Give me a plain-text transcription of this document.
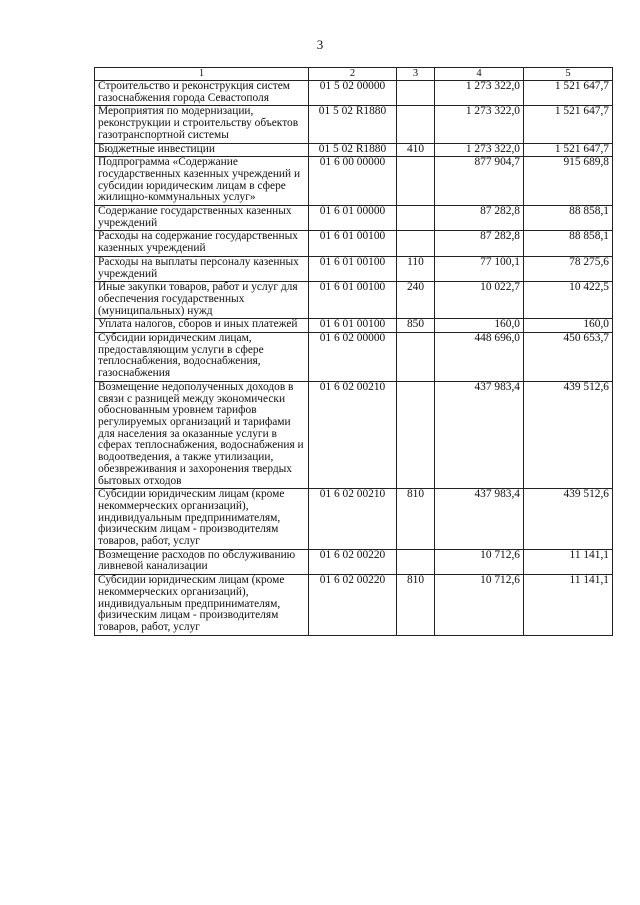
3
1	2	3	4	5
Строительство и реконструкция систем газоснабжения города Севастополя	01 5 02 00000		1 273 322,0	1 521 647,7
Мероприятия по модернизации, реконструкции и строительству объектов газотранспортной системы	01 5 02 R1880		1 273 322,0	1 521 647,7
Бюджетные инвестиции	01 5 02 R1880	410	1 273 322,0	1 521 647,7
Подпрограмма «Содержание государственных казенных учреждений и субсидии юридическим лицам в сфере жилищно-коммунальных услуг»	01 6 00 00000		877 904,7	915 689,8
Содержание государственных казенных учреждений	01 6 01 00000		87 282,8	88 858,1
Расходы на содержание государственных казенных учреждений	01 6 01 00100		87 282,8	88 858,1
Расходы на выплаты персоналу казенных учреждений	01 6 01 00100	110	77 100,1	78 275,6
Иные закупки товаров, работ и услуг для обеспечения государственных (муниципальных) нужд	01 6 01 00100	240	10 022,7	10 422,5
Уплата налогов, сборов и иных платежей	01 6 01 00100	850	160,0	160,0
Субсидии юридическим лицам, предоставляющим услуги в сфере теплоснабжения, водоснабжения, газоснабжения	01 6 02 00000		448 696,0	450 653,7
Возмещение недополученных доходов в связи с разницей между экономически обоснованным уровнем тарифов регулируемых организаций и тарифами для населения за оказанные услуги в сферах теплоснабжения, водоснабжения и водоотведения, а также утилизации, обезвреживания и захоронения твердых бытовых отходов	01 6 02 00210		437 983,4	439 512,6
Субсидии юридическим лицам (кроме некоммерческих организаций), индивидуальным предпринимателям, физическим лицам - производителям товаров, работ, услуг	01 6 02 00210	810	437 983,4	439 512,6
Возмещение расходов по обслуживанию ливневой канализации	01 6 02 00220		10 712,6	11 141,1
Субсидии юридическим лицам (кроме некоммерческих организаций), индивидуальным предпринимателям, физическим лицам - производителям товаров, работ, услуг	01 6 02 00220	810	10 712,6	11 141,1
